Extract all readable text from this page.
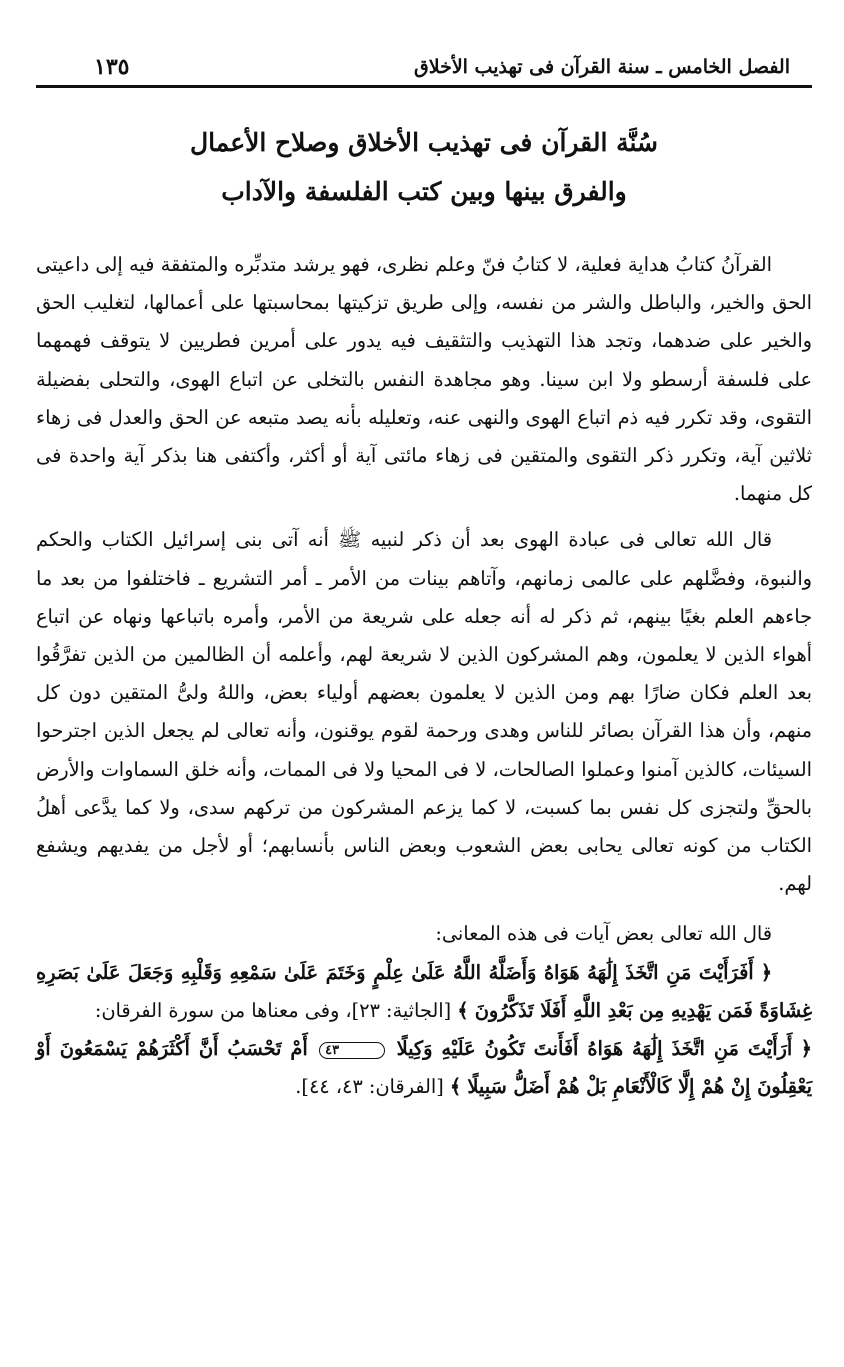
الفصل الخامس ـ سنة القرآن فى تهذيب الأخلاق
١٣٥
سُنَّة القرآن فى تهذيب الأخلاق وصلاح الأعمال
والفرق بينها وبين كتب الفلسفة والآداب

القرآنُ كتابُ هداية فعلية، لا كتابُ فنّ وعلم نظرى، فهو يرشد متدبِّره والمتفقة فيه إلى داعيتى الحق والخير، والباطل والشر من نفسه، وإلى طريق تزكيتها بمحاسبتها على أعمالها، لتغليب الحق والخير على ضدهما، وتجد هذا التهذيب والتثقيف فيه يدور على أمرين فطريين لا يتوقف فهمهما على فلسفة أرسطو ولا ابن سينا. وهو مجاهدة النفس بالتخلى عن اتباع الهوى، والتحلى بفضيلة التقوى، وقد تكرر فيه ذم اتباع الهوى والنهى عنه، وتعليله بأنه يصد متبعه عن الحق والعدل فى زهاء ثلاثين آية، وتكرر ذكر التقوى والمتقين فى زهاء مائتى آية أو أكثر، وأكتفى هنا بذكر آية واحدة فى كل منهما.

قال الله تعالى فى عبادة الهوى بعد أن ذكر لنبيه ﷺ أنه آتى بنى إسرائيل الكتاب والحكم والنبوة، وفضَّلهم على عالمى زمانهم، وآتاهم بينات من الأمر ـ أمر التشريع ـ فاختلفوا من بعد ما جاءهم العلم بغيًا بينهم، ثم ذكر له أنه جعله على شريعة من الأمر، وأمره باتباعها ونهاه عن اتباع أهواء الذين لا يعلمون، وهم المشركون الذين لا شريعة لهم، وأعلمه أن الظالمين من الذين تفرَّقُوا بعد العلم فكان ضارًا بهم ومن الذين لا يعلمون بعضهم أولياء بعض، واللهُ ولىُّ المتقين دون كل منهم، وأن هذا القرآن بصائر للناس وهدى ورحمة لقوم يوقنون، وأنه تعالى لم يجعل الذين اجترحوا السيئات، كالذين آمنوا وعملوا الصالحات، لا فى المحيا ولا فى الممات، وأنه خلق السماوات والأرض بالحقِّ ولتجزى كل نفس بما كسبت، لا كما يزعم المشركون من تركهم سدى، ولا كما يدَّعى أهلُ الكتاب من كونه تعالى يحابى بعض الشعوب وبعض الناس بأنسابهم؛ أو لأجل من يفديهم ويشفع لهم.

قال الله تعالى بعض آيات فى هذه المعانى:

﴿ أَفَرَأَيْتَ مَنِ اتَّخَذَ إِلَٰهَهُ هَوَاهُ وَأَضَلَّهُ اللَّهُ عَلَىٰ عِلْمٍ وَخَتَمَ عَلَىٰ سَمْعِهِ وَقَلْبِهِ وَجَعَلَ عَلَىٰ بَصَرِهِ غِشَاوَةً فَمَن يَهْدِيهِ مِن بَعْدِ اللَّهِ أَفَلَا تَذَكَّرُونَ ﴾ [الجاثية: ٢٣]، وفى معناها من سورة الفرقان:
﴿ أَرَأَيْتَ مَنِ اتَّخَذَ إِلَٰهَهُ هَوَاهُ أَفَأَنتَ تَكُونُ عَلَيْهِ وَكِيلًا ٤٣ أَمْ تَحْسَبُ أَنَّ أَكْثَرَهُمْ يَسْمَعُونَ أَوْ يَعْقِلُونَ إِنْ هُمْ إِلَّا كَالْأَنْعَامِ بَلْ هُمْ أَضَلُّ سَبِيلًا ﴾ [الفرقان: ٤٣، ٤٤].
